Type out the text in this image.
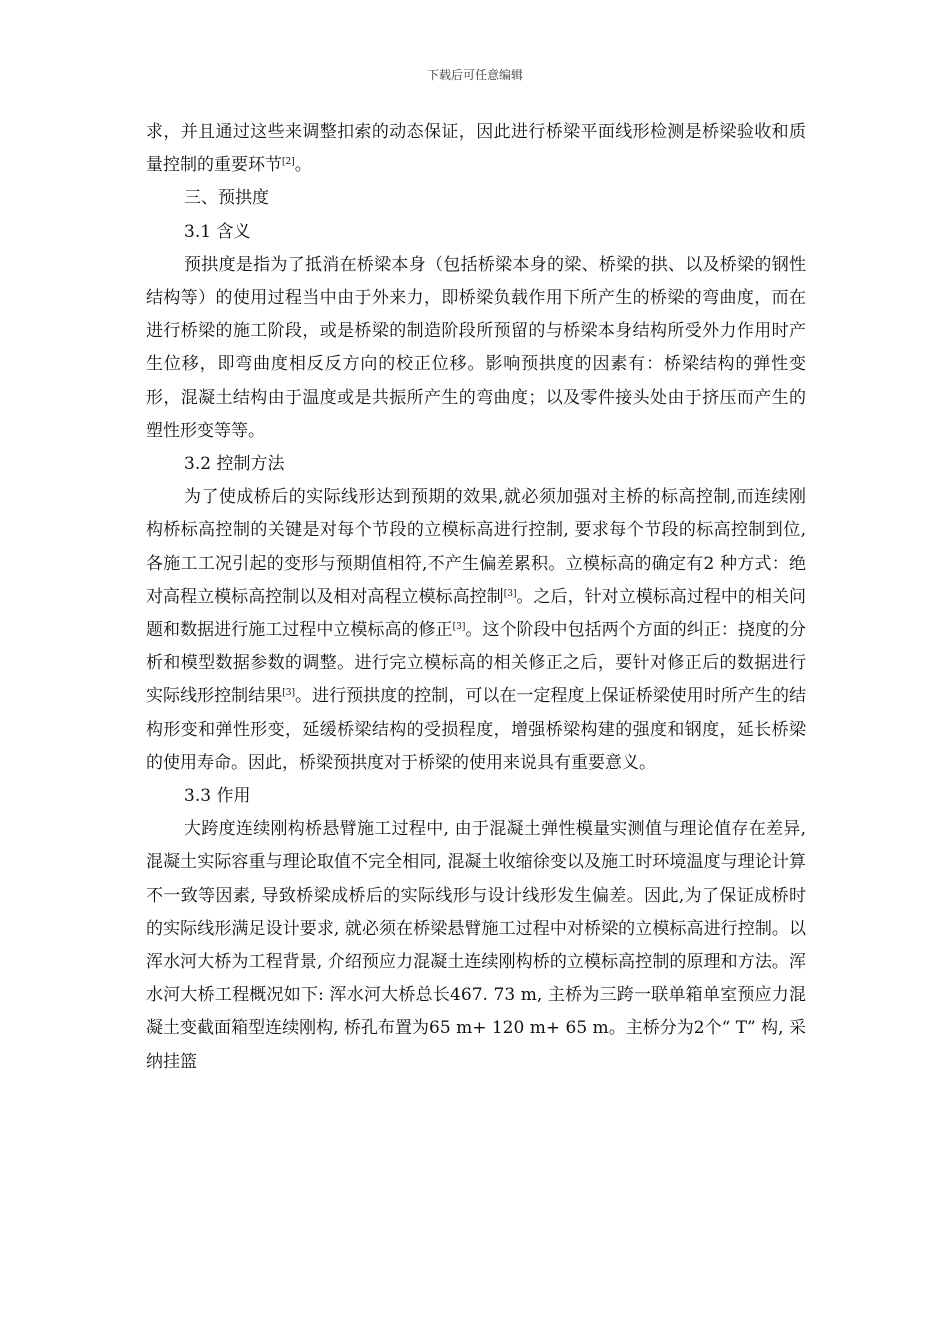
下载后可任意编辑

求，并且通过这些来调整扣索的动态保证，因此进行桥梁平面线形检测是桥梁验收和质量控制的重要环节[2]。

三、预拱度

3.1 含义

预拱度是指为了抵消在桥梁本身（包括桥梁本身的梁、桥梁的拱、以及桥梁的钢性结构等）的使用过程当中由于外来力，即桥梁负载作用下所产生的桥梁的弯曲度，而在进行桥梁的施工阶段，或是桥梁的制造阶段所预留的与桥梁本身结构所受外力作用时产生位移，即弯曲度相反反方向的校正位移。影响预拱度的因素有：桥梁结构的弹性变形，混凝土结构由于温度或是共振所产生的弯曲度；以及零件接头处由于挤压而产生的塑性形变等等。

3.2 控制方法

为了使成桥后的实际线形达到预期的效果,就必须加强对主桥的标高控制,而连续刚构桥标高控制的关键是对每个节段的立模标高进行控制, 要求每个节段的标高控制到位,各施工工况引起的变形与预期值相符,不产生偏差累积。立模标高的确定有2 种方式：绝对高程立模标高控制以及相对高程立模标高控制[3]。之后，针对立模标高过程中的相关问题和数据进行施工过程中立模标高的修正[3]。这个阶段中包括两个方面的纠正：挠度的分析和模型数据参数的调整。进行完立模标高的相关修正之后，要针对修正后的数据进行实际线形控制结果[3]。进行预拱度的控制，可以在一定程度上保证桥梁使用时所产生的结构形变和弹性形变，延缓桥梁结构的受损程度，增强桥梁构建的强度和钢度，延长桥梁的使用寿命。因此，桥梁预拱度对于桥梁的使用来说具有重要意义。

3.3 作用

大跨度连续刚构桥悬臂施工过程中, 由于混凝土弹性模量实测值与理论值存在差异, 混凝土实际容重与理论取值不完全相同, 混凝土收缩徐变以及施工时环境温度与理论计算不一致等因素, 导致桥梁成桥后的实际线形与设计线形发生偏差。因此,为了保证成桥时的实际线形满足设计要求, 就必须在桥梁悬臂施工过程中对桥梁的立模标高进行控制。以浑水河大桥为工程背景, 介绍预应力混凝土连续刚构桥的立模标高控制的原理和方法。浑水河大桥工程概况如下: 浑水河大桥总长467. 73 m, 主桥为三跨一联单箱单室预应力混凝土变截面箱型连续刚构, 桥孔布置为65 m+ 120 m+ 65 m。主桥分为2个“ T” 构, 采纳挂篮
